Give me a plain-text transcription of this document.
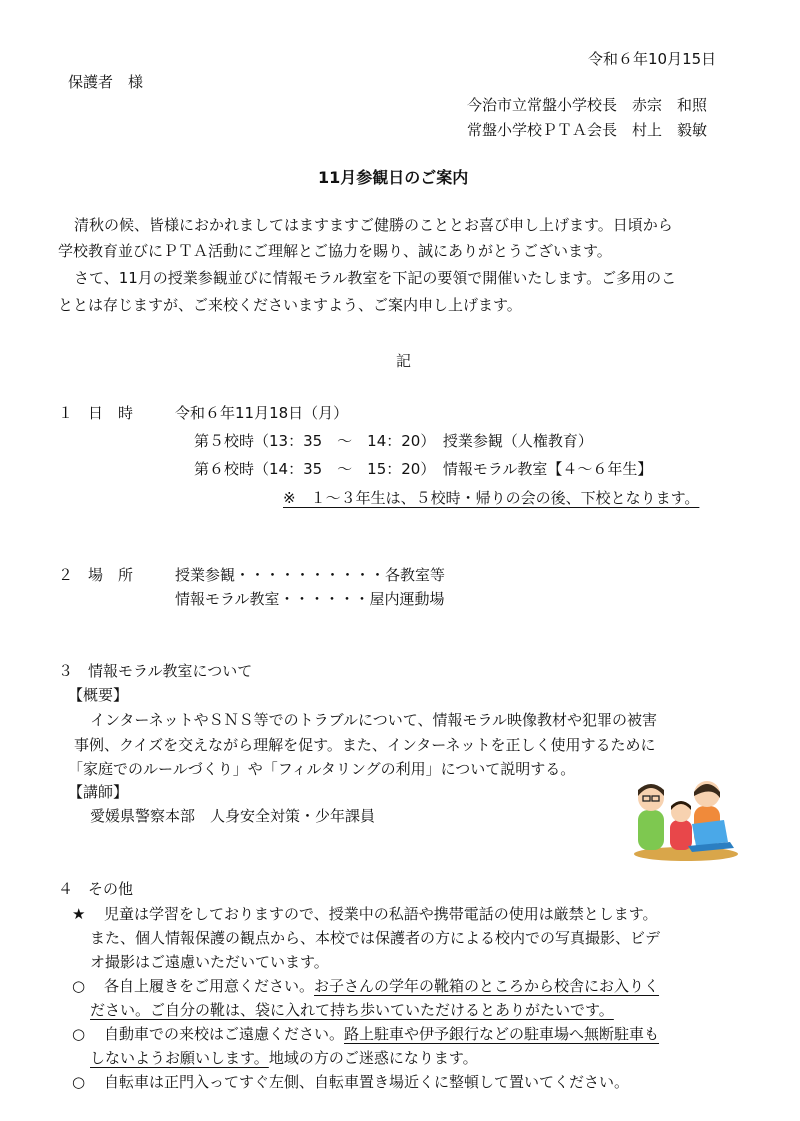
令和６年10月15日
保護者　様
今治市立常盤小学校長　赤宗　和照
常盤小学校ＰＴＡ会長　村上　毅敏
11月参観日のご案内
清秋の候、皆様におかれましてはますますご健勝のこととお喜び申し上げます。日頃から
学校教育並びにＰＴＡ活動にご理解とご協力を賜り、誠にありがとうございます。
さて、11月の授業参観並びに情報モラル教室を下記の要領で開催いたします。ご多用のこ
ととは存じますが、ご来校くださいますよう、ご案内申し上げます。
記
１ 日　時	令和６年11月18日（月）
第５校時（13：35　～　14：20）　授業参観（人権教育）
第６校時（14：35　～　15：20）　情報モラル教室【４～６年生】
※　１～３年生は、５校時・帰りの会の後、下校となります。
２ 場　所	授業参観・・・・・・・・・・各教室等
情報モラル教室・・・・・・屋内運動場
３　情報モラル教室について
【概要】
インターネットやＳＮＳ等でのトラブルについて、情報モラル映像教材や犯罪の被害
事例、クイズを交えながら理解を促す。また、インターネットを正しく使用するために
「家庭でのルールづくり」や「フィルタリングの利用」について説明する。
【講師】
愛媛県警察本部　人身安全対策・少年課員
４　その他
★ 児童は学習をしておりますので、授業中の私語や携帯電話の使用は厳禁とします。
また、個人情報保護の観点から、本校では保護者の方による校内での写真撮影、ビデ
オ撮影はご遠慮いただいています。
○ 各自上履きをご用意ください。お子さんの学年の靴箱のところから校舎にお入りく
ださい。ご自分の靴は、袋に入れて持ち歩いていただけるとありがたいです。
○ 自動車での来校はご遠慮ください。路上駐車や伊予銀行などの駐車場へ無断駐車も
しないようお願いします。地域の方のご迷惑になります。
○ 自転車は正門入ってすぐ左側、自転車置き場近くに整頓して置いてください。
